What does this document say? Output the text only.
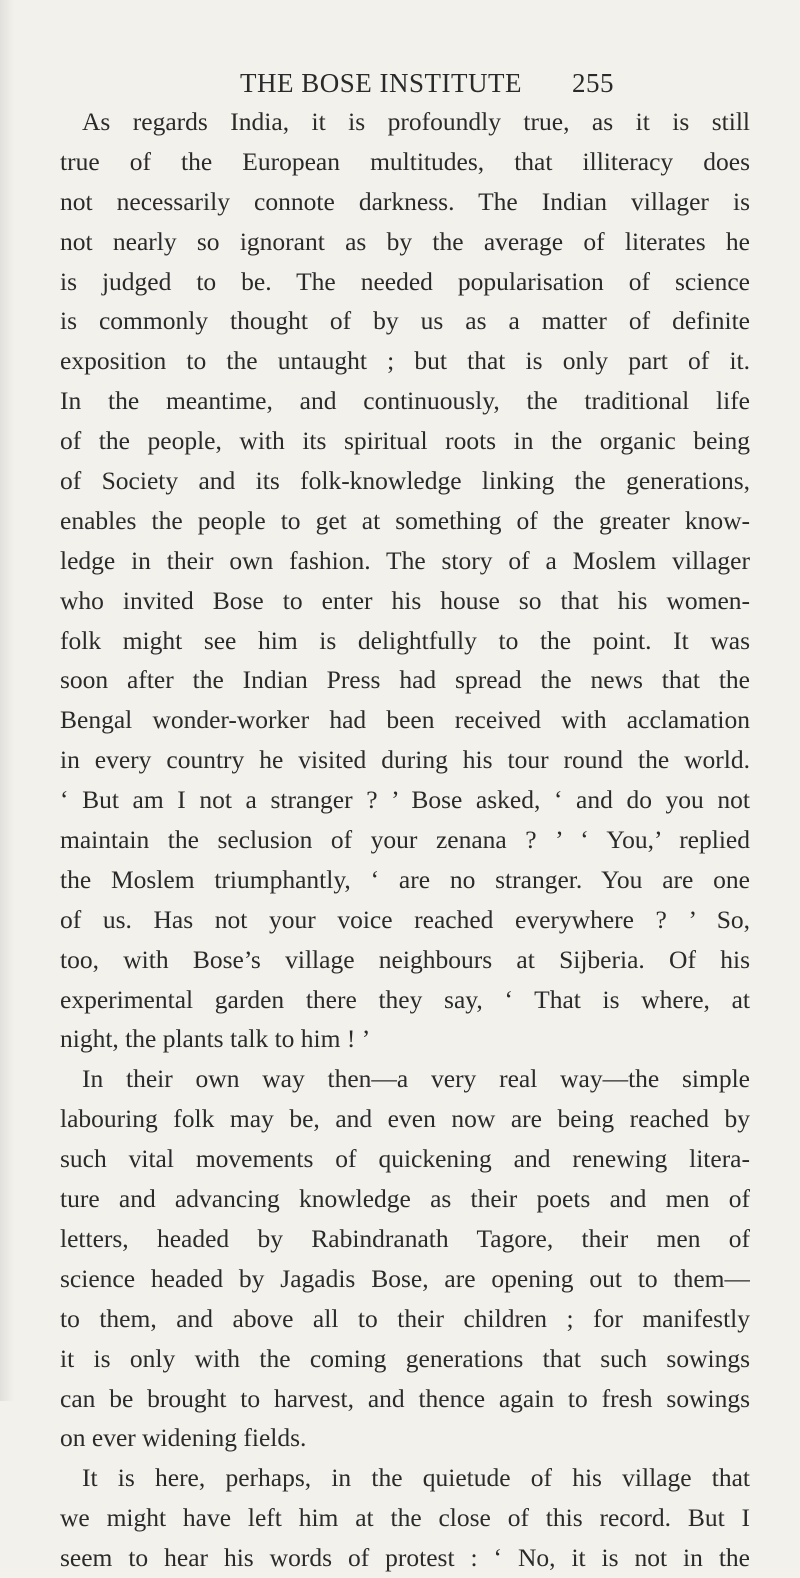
THE BOSE INSTITUTE 255
As regards India, it is profoundly true, as it is still
true of the European multitudes, that illiteracy does
not necessarily connote darkness. The Indian villager is
not nearly so ignorant as by the average of literates he
is judged to be. The needed popularisation of science
is commonly thought of by us as a matter of definite
exposition to the untaught ; but that is only part of it.
In the meantime, and continuously, the traditional life
of the people, with its spiritual roots in the organic being
of Society and its folk-knowledge linking the generations,
enables the people to get at something of the greater know-
ledge in their own fashion. The story of a Moslem villager
who invited Bose to enter his house so that his women-
folk might see him is delightfully to the point. It was
soon after the Indian Press had spread the news that the
Bengal wonder-worker had been received with acclamation
in every country he visited during his tour round the world.
‘ But am I not a stranger ? ’ Bose asked, ‘ and do you not
maintain the seclusion of your zenana ? ’ ‘ You,’ replied
the Moslem triumphantly, ‘ are no stranger. You are one
of us. Has not your voice reached everywhere ? ’ So,
too, with Bose’s village neighbours at Sijberia. Of his
experimental garden there they say, ‘ That is where, at
night, the plants talk to him ! ’
In their own way then—a very real way—the simple
labouring folk may be, and even now are being reached by
such vital movements of quickening and renewing litera-
ture and advancing knowledge as their poets and men of
letters, headed by Rabindranath Tagore, their men of
science headed by Jagadis Bose, are opening out to them—
to them, and above all to their children ; for manifestly
it is only with the coming generations that such sowings
can be brought to harvest, and thence again to fresh sowings
on ever widening fields.
It is here, perhaps, in the quietude of his village that
we might have left him at the close of this record. But I
seem to hear his words of protest : ‘ No, it is not in the
